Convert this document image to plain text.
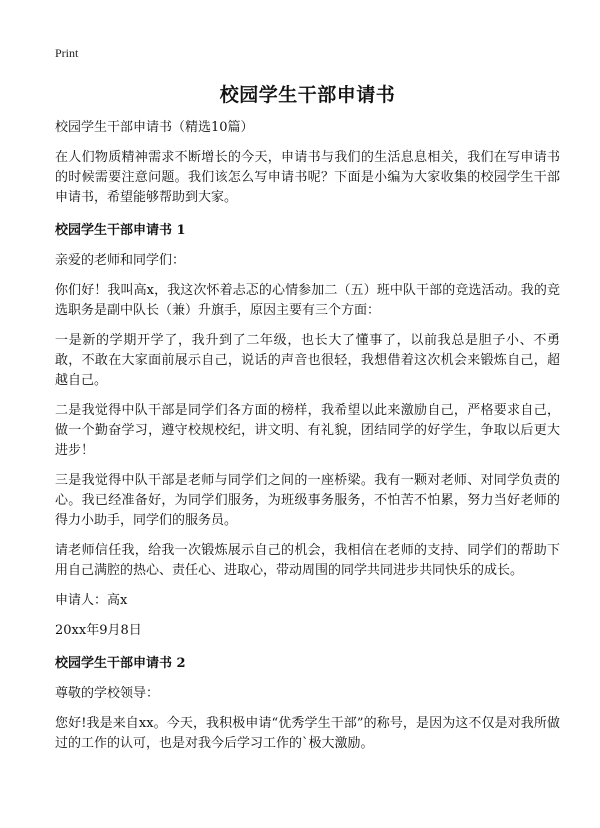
Print

校园学生干部申请书

校园学生干部申请书（精选10篇）

在人们物质精神需求不断增长的今天，申请书与我们的生活息息相关，我们在写申请书的时候需要注意问题。我们该怎么写申请书呢？下面是小编为大家收集的校园学生干部申请书，希望能够帮助到大家。

校园学生干部申请书 1

亲爱的老师和同学们：

你们好！我叫高x，我这次怀着忐忑的心情参加二（五）班中队干部的竞选活动。我的竞选职务是副中队长（兼）升旗手，原因主要有三个方面：

一是新的学期开学了，我升到了二年级，也长大了懂事了，以前我总是胆子小、不勇敢，不敢在大家面前展示自己，说话的声音也很轻，我想借着这次机会来锻炼自己，超越自己。

二是我觉得中队干部是同学们各方面的榜样，我希望以此来激励自己，严格要求自己，做一个勤奋学习，遵守校规校纪，讲文明、有礼貌，团结同学的好学生，争取以后更大进步！

三是我觉得中队干部是老师与同学们之间的一座桥梁。我有一颗对老师、对同学负责的心。我已经准备好，为同学们服务，为班级事务服务，不怕苦不怕累，努力当好老师的得力小助手，同学们的服务员。

请老师信任我，给我一次锻炼展示自己的机会，我相信在老师的支持、同学们的帮助下用自己满腔的热心、责任心、进取心，带动周围的同学共同进步共同快乐的成长。

申请人：高x

20xx年9月8日

校园学生干部申请书 2

尊敬的学校领导：

您好!我是来自xx。今天，我积极申请“优秀学生干部”的称号，是因为这不仅是对我所做过的工作的认可，也是对我今后学习工作的`极大激励。
